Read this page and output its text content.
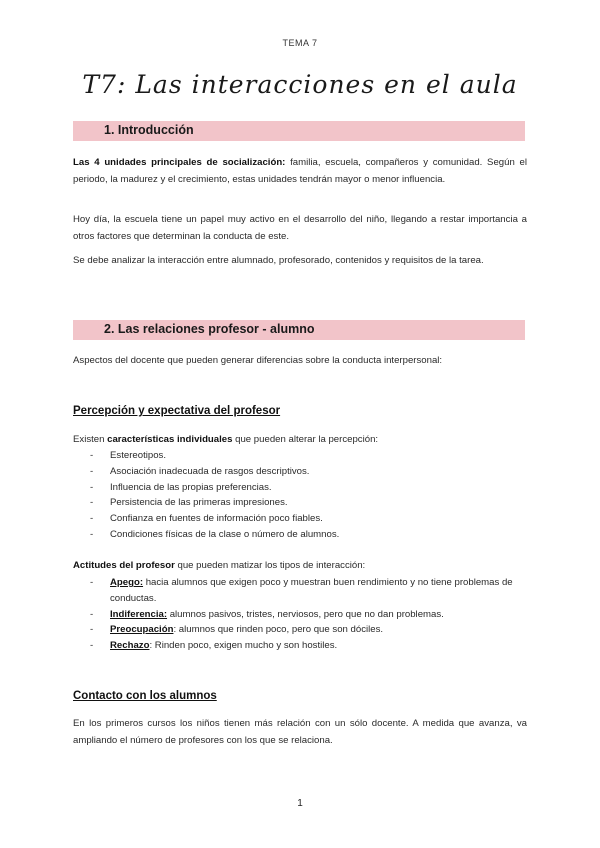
TEMA 7
T7: Las interacciones en el aula
1. Introducción
Las 4 unidades principales de socialización: familia, escuela, compañeros y comunidad. Según el periodo, la madurez y el crecimiento, estas unidades tendrán mayor o menor influencia.
Hoy día, la escuela tiene un papel muy activo en el desarrollo del niño, llegando a restar importancia a otros factores que determinan la conducta de este.
Se debe analizar la interacción entre alumnado, profesorado, contenidos y requisitos de la tarea.
2. Las relaciones profesor - alumno
Aspectos del docente que pueden generar diferencias sobre la conducta interpersonal:
Percepción y expectativa del profesor
Existen características individuales que pueden alterar la percepción:
- Estereotipos.
- Asociación inadecuada de rasgos descriptivos.
- Influencia de las propias preferencias.
- Persistencia de las primeras impresiones.
- Confianza en fuentes de información poco fiables.
- Condiciones físicas de la clase o número de alumnos.
Actitudes del profesor que pueden matizar los tipos de interacción:
- Apego: hacia alumnos que exigen poco y muestran buen rendimiento y no tiene problemas de conductas.
- Indiferencia: alumnos pasivos, tristes, nerviosos, pero que no dan problemas.
- Preocupación: alumnos que rinden poco, pero que son dóciles.
- Rechazo: Rinden poco, exigen mucho y son hostiles.
Contacto con los alumnos
En los primeros cursos los niños tienen más relación con un sólo docente. A medida que avanza, va ampliando el número de profesores con los que se relaciona.
1
